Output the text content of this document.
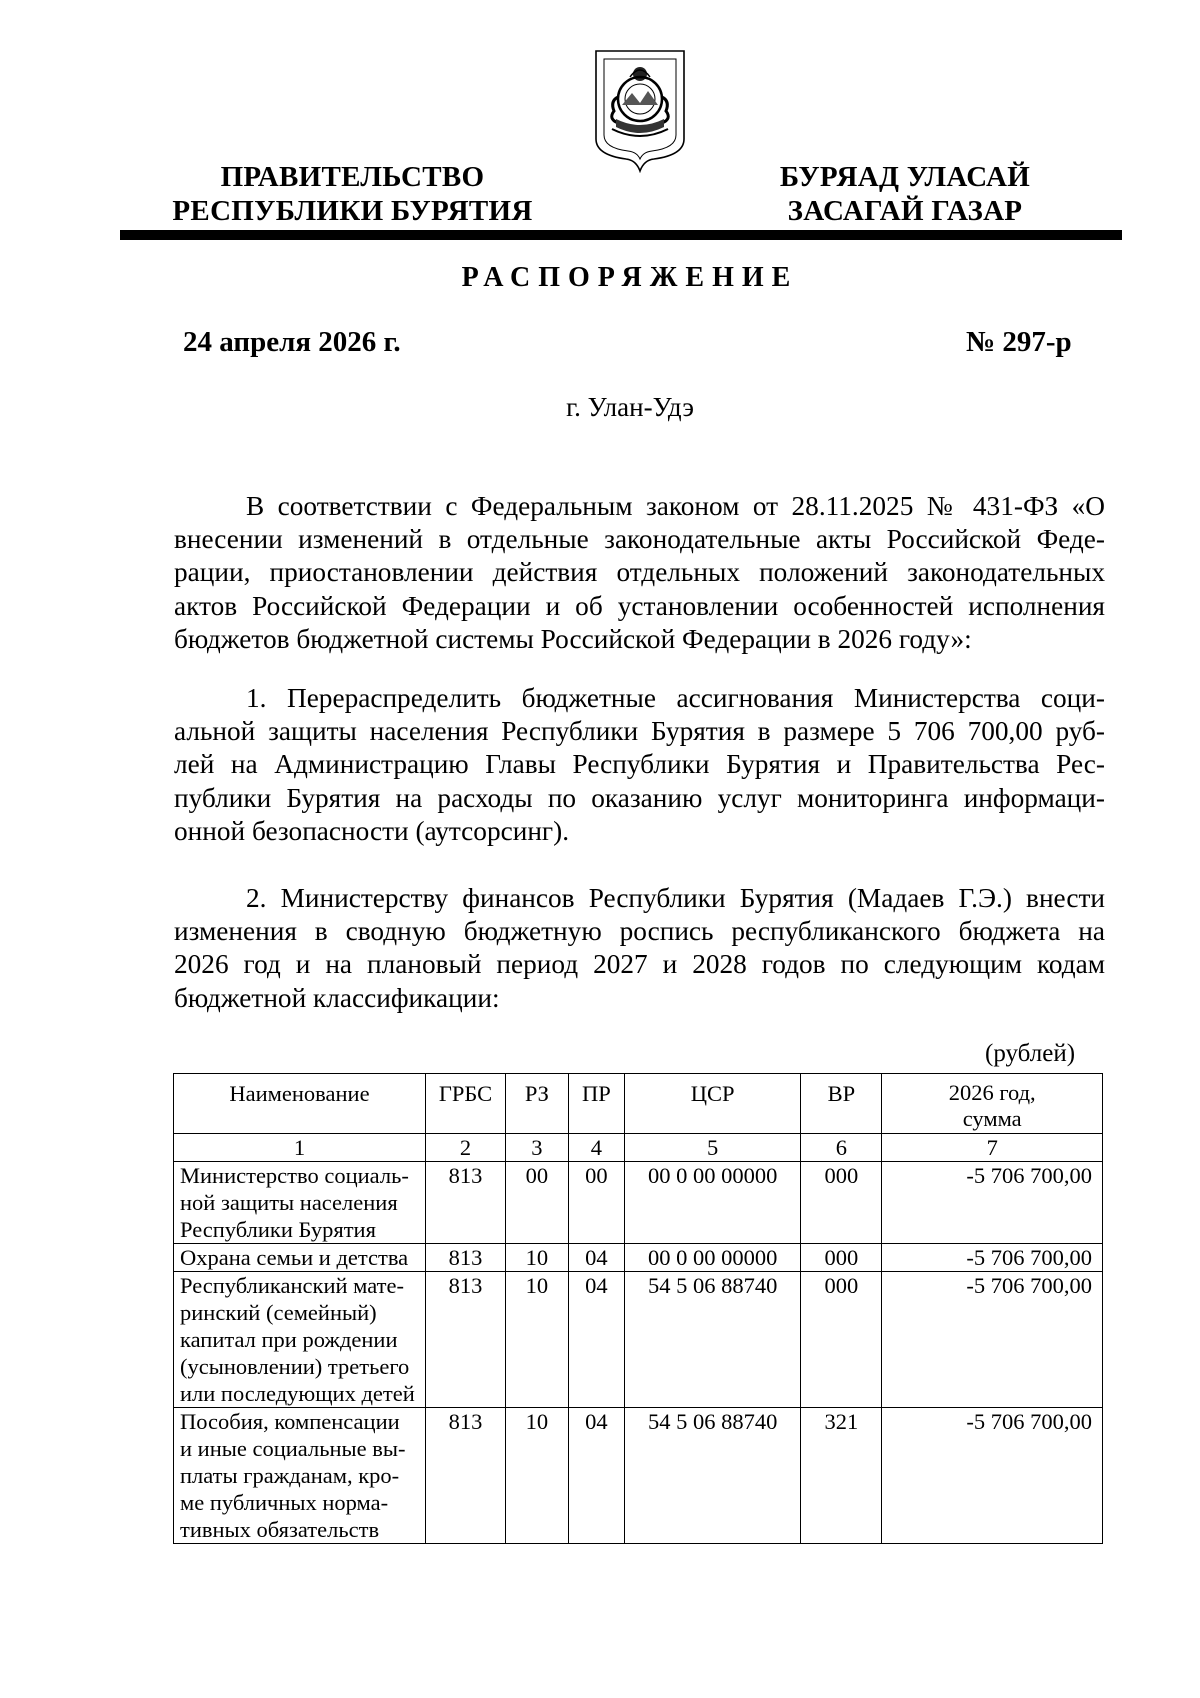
ПРАВИТЕЛЬСТВО
РЕСПУБЛИКИ БУРЯТИЯ
БУРЯАД УЛАСАЙ
ЗАСАГАЙ ГАЗАР
РАСПОРЯЖЕНИЕ
24 апреля 2026 г.	№ 297-р
г. Улан-Удэ
В соответствии с Федеральным законом от 28.11.2025 № 431-ФЗ «О
внесении изменений в отдельные законодательные акты Российской Феде-
рации, приостановлении действия отдельных положений законодательных
актов Российской Федерации и об установлении особенностей исполнения
бюджетов бюджетной системы Российской Федерации в 2026 году»:
1. Перераспределить бюджетные ассигнования Министерства соци-
альной защиты населения Республики Бурятия в размере 5 706 700,00 руб-
лей на Администрацию Главы Республики Бурятия и Правительства Рес-
публики Бурятия на расходы по оказанию услуг мониторинга информаци-
онной безопасности (аутсорсинг).
2. Министерству финансов Республики Бурятия (Мадаев Г.Э.) внести
изменения в сводную бюджетную роспись республиканского бюджета на
2026 год и на плановый период 2027 и 2028 годов по следующим кодам
бюджетной классификации:
(рублей)
Наименование	ГРБС	РЗ	ПР	ЦСР	ВР	2026 год,
сумма

1	2	3	4	5	6	7

Министерство социаль-
ной защиты населения
Республики Бурятия	813	00	00	00 0 00 00000	000	-5 706 700,00

Охрана семьи и детства	813	10	04	00 0 00 00000	000	-5 706 700,00

Республиканский мате-
ринский (семейный)
капитал при рождении
(усыновлении) третьего
или последующих детей	813	10	04	54 5 06 88740	000	-5 706 700,00

Пособия, компенсации
и иные социальные вы-
платы гражданам, кро-
ме публичных норма-
тивных обязательств	813	10	04	54 5 06 88740	321	-5 706 700,00
